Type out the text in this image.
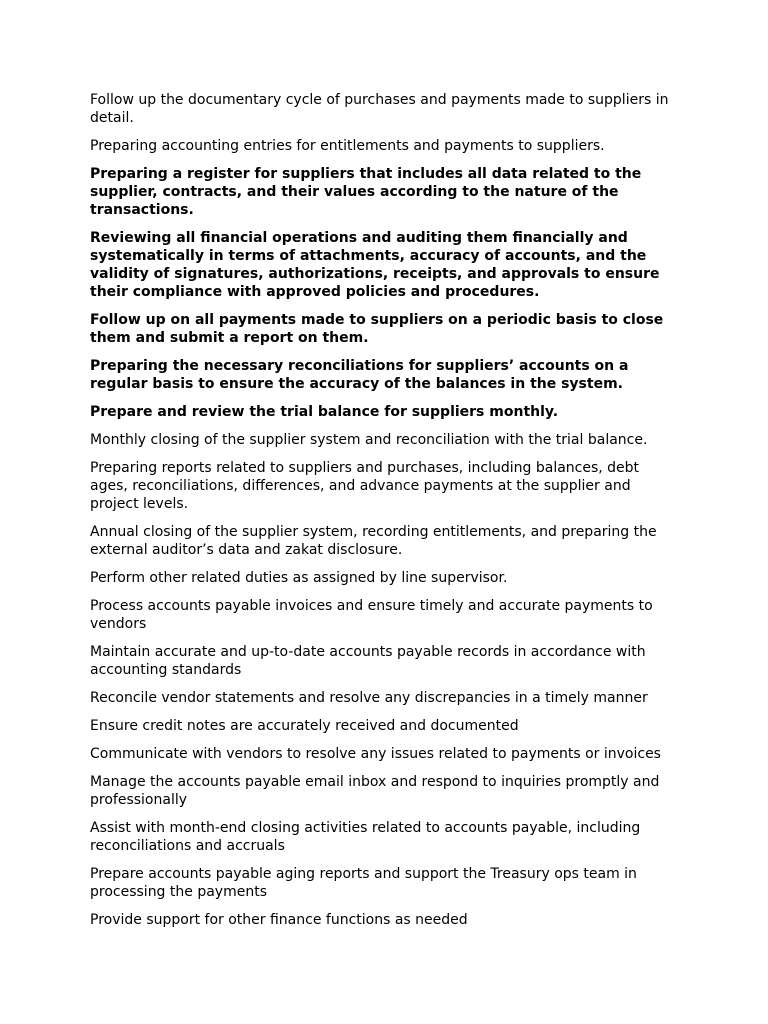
Follow up the documentary cycle of purchases and payments made to suppliers in detail.

Preparing accounting entries for entitlements and payments to suppliers.

Preparing a register for suppliers that includes all data related to the supplier, contracts, and their values according to the nature of the transactions.

Reviewing all financial operations and auditing them financially and systematically in terms of attachments, accuracy of accounts, and the validity of signatures, authorizations, receipts, and approvals to ensure their compliance with approved policies and procedures.

Follow up on all payments made to suppliers on a periodic basis to close them and submit a report on them.

Preparing the necessary reconciliations for suppliers’ accounts on a regular basis to ensure the accuracy of the balances in the system.

Prepare and review the trial balance for suppliers monthly.

Monthly closing of the supplier system and reconciliation with the trial balance.

Preparing reports related to suppliers and purchases, including balances, debt ages, reconciliations, differences, and advance payments at the supplier and project levels.

Annual closing of the supplier system, recording entitlements, and preparing the external auditor’s data and zakat disclosure.

Perform other related duties as assigned by line supervisor.

Process accounts payable invoices and ensure timely and accurate payments to vendors

Maintain accurate and up-to-date accounts payable records in accordance with accounting standards

Reconcile vendor statements and resolve any discrepancies in a timely manner

Ensure credit notes are accurately received and documented

Communicate with vendors to resolve any issues related to payments or invoices

Manage the accounts payable email inbox and respond to inquiries promptly and professionally

Assist with month-end closing activities related to accounts payable, including reconciliations and accruals

Prepare accounts payable aging reports and support the Treasury ops team in processing the payments

Provide support for other finance functions as needed
